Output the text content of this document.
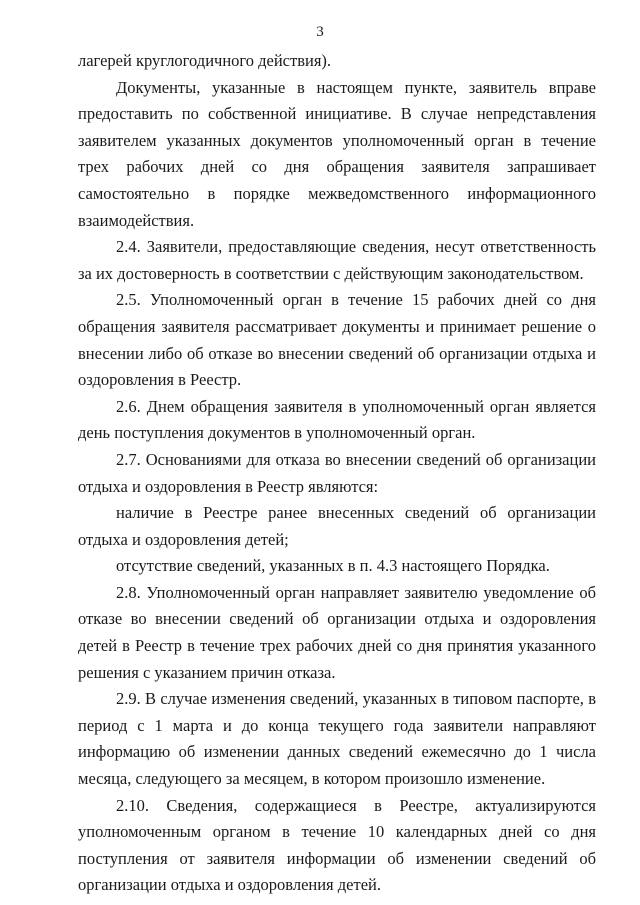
3

лагерей круглогодичного действия).

Документы, указанные в настоящем пункте, заявитель вправе предоставить по собственной инициативе. В случае непредставления заявителем указанных документов уполномоченный орган в течение трех рабочих дней со дня обращения заявителя запрашивает самостоятельно в порядке межведомственного информационного взаимодействия.

2.4. Заявители, предоставляющие сведения, несут ответственность за их достоверность в соответствии с действующим законодательством.

2.5. Уполномоченный орган в течение 15 рабочих дней со дня обращения заявителя рассматривает документы и принимает решение о внесении либо об отказе во внесении сведений об организации отдыха и оздоровления в Реестр.

2.6. Днем обращения заявителя в уполномоченный орган является день поступления документов в уполномоченный орган.

2.7. Основаниями для отказа во внесении сведений об организации отдыха и оздоровления в Реестр являются:

наличие в Реестре ранее внесенных сведений об организации отдыха и оздоровления детей;

отсутствие сведений, указанных в п. 4.3 настоящего Порядка.

2.8. Уполномоченный орган направляет заявителю уведомление об отказе во внесении сведений об организации отдыха и оздоровления детей в Реестр в течение трех рабочих дней со дня принятия указанного решения с указанием причин отказа.

2.9. В случае изменения сведений, указанных в типовом паспорте, в период с 1 марта и до конца текущего года заявители направляют информацию об изменении данных сведений ежемесячно до 1 числа месяца, следующего за месяцем, в котором произошло изменение.

2.10. Сведения, содержащиеся в Реестре, актуализируются уполномоченным органом в течение 10 календарных дней со дня поступления от заявителя информации об изменении сведений об организации отдыха и оздоровления детей.
